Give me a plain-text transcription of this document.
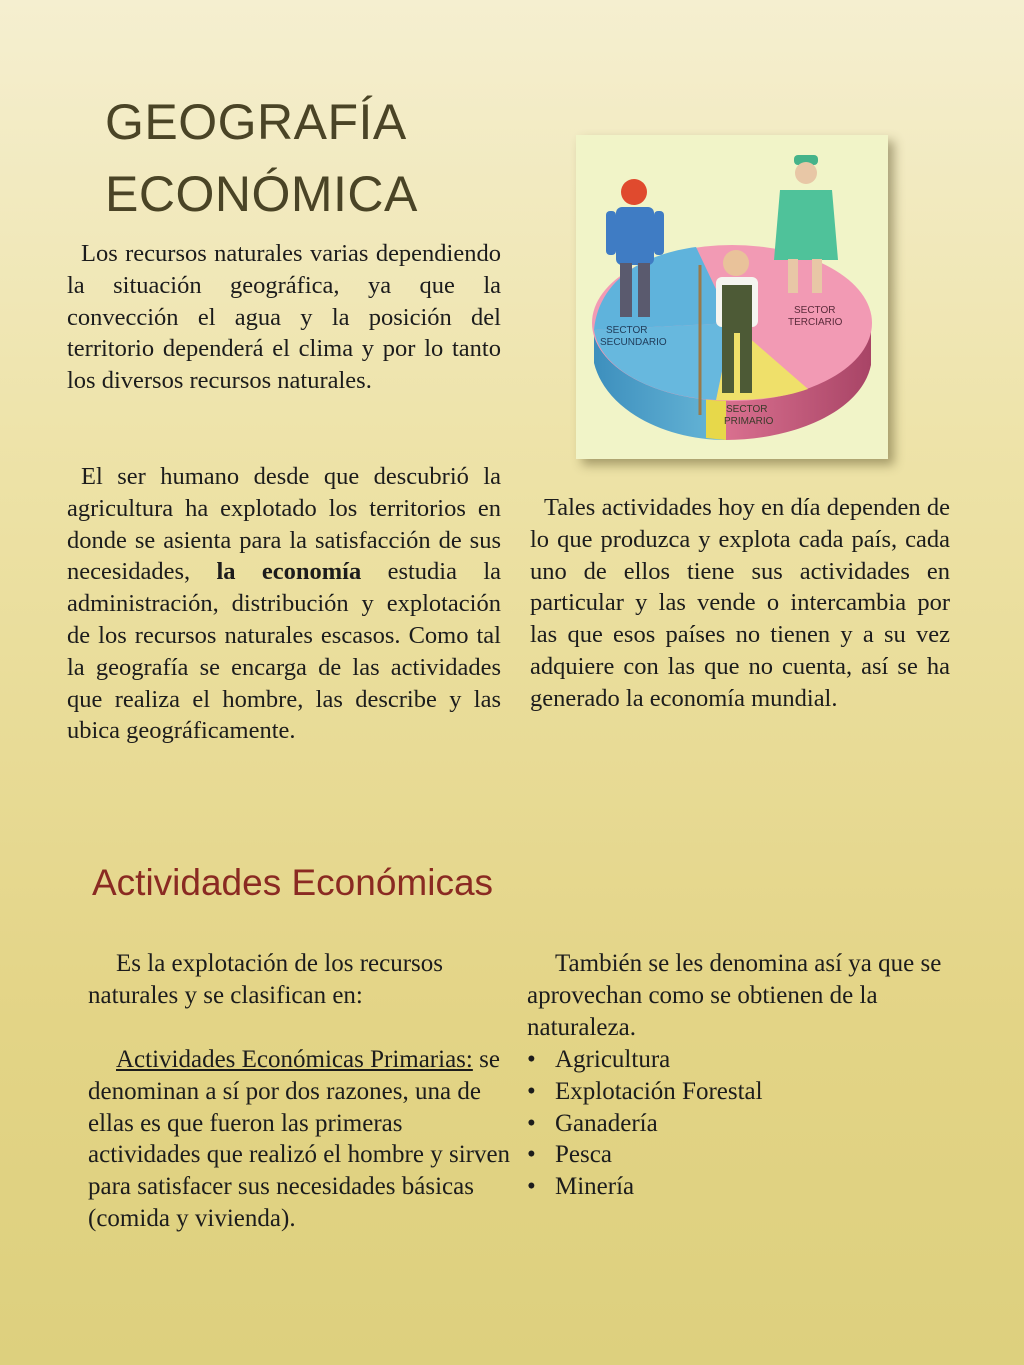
GEOGRAFÍA ECONÓMICA

Los recursos naturales varias dependiendo la situación geográfica, ya que la convección el agua y la posición del territorio dependerá el clima y por lo tanto los diversos recursos naturales.

El ser humano desde que descubrió la agricultura ha explotado los territorios en donde se asienta para la satisfacción de sus necesidades, la economía estudia la administración, distribución y explotación de los recursos naturales escasos. Como tal la geografía se encarga de las actividades que realiza el hombre, las describe y las ubica geográficamente.

SECTOR
SECUNDARIO
SECTOR
TERCIARIO
SECTOR
PRIMARIO

Tales actividades hoy en día dependen de lo que produzca y explota cada país, cada uno de ellos tiene sus actividades en particular y las vende o intercambia por las que esos países no tienen y a su vez adquiere con las que no cuenta, así se ha generado la economía mundial.

Actividades Económicas
Es la explotación de los recursos naturales y se clasifican en:
Actividades Económicas Primarias: se denominan a sí por dos razones, una de ellas es que fueron las primeras actividades que realizó el hombre y sirven para satisfacer sus necesidades básicas (comida y vivienda).
También se les denomina así ya que se aprovechan como se obtienen de la naturaleza.
• Agricultura
• Explotación Forestal
• Ganadería
• Pesca
• Minería
